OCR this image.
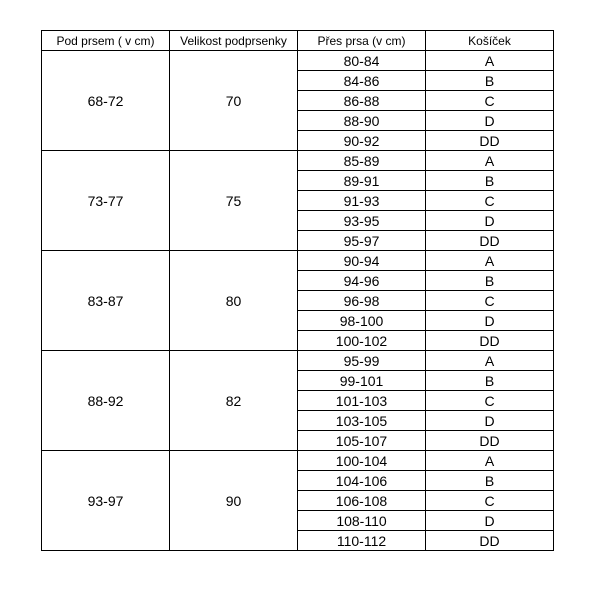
Pod prsem ( v cm)	Velikost podprsenky	Přes prsa (v cm)	Košíček
68-72	70	80-84	A
		84-86	B
		86-88	C
		88-90	D
		90-92	DD
73-77	75	85-89	A
		89-91	B
		91-93	C
		93-95	D
		95-97	DD
83-87	80	90-94	A
		94-96	B
		96-98	C
		98-100	D
		100-102	DD
88-92	82	95-99	A
		99-101	B
		101-103	C
		103-105	D
		105-107	DD
93-97	90	100-104	A
		104-106	B
		106-108	C
		108-110	D
		110-112	DD
